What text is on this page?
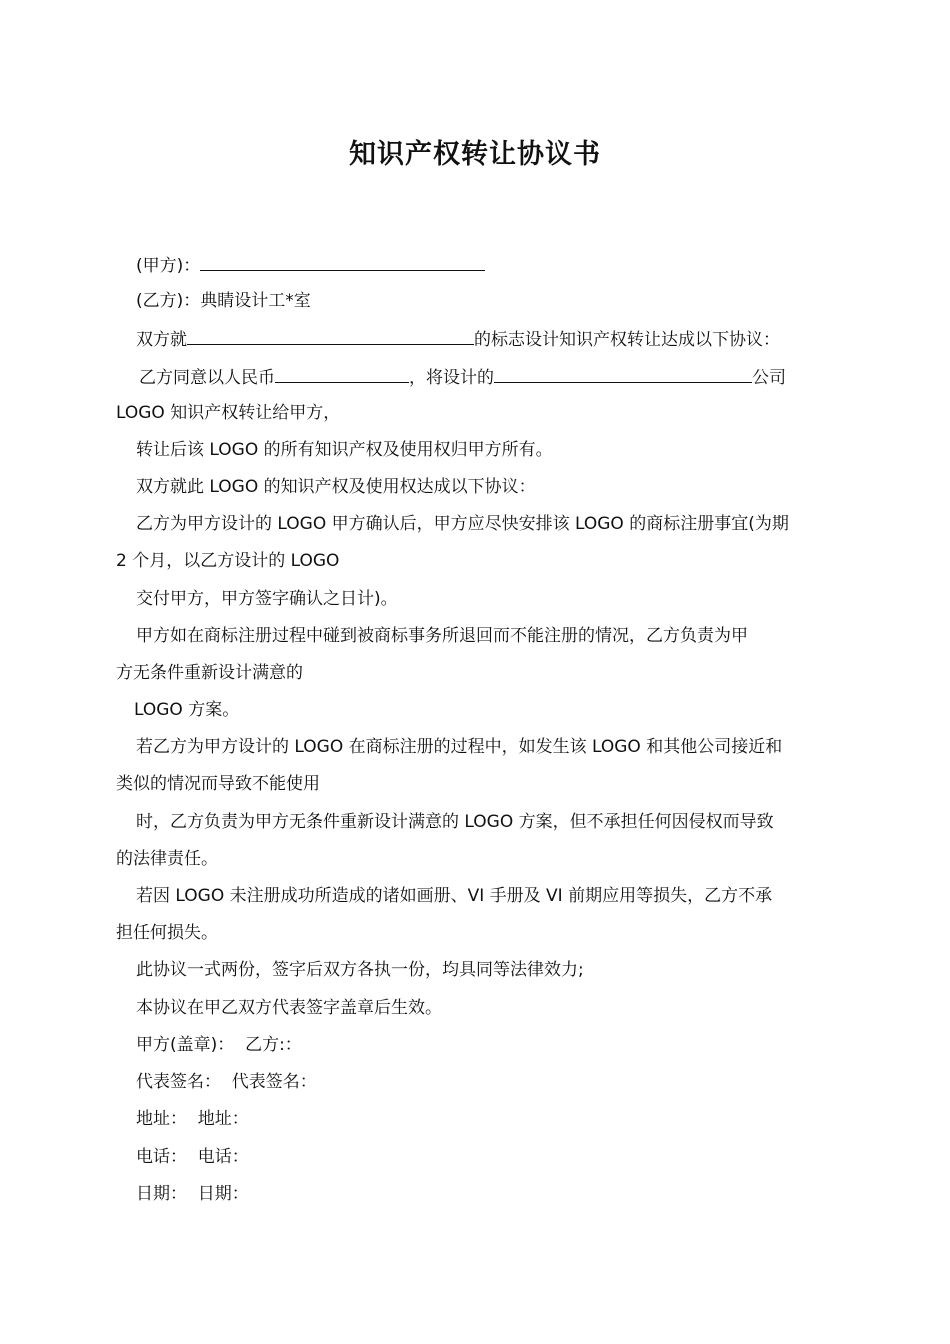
知识产权转让协议书
(甲方)：
(乙方)：典睛设计工*室
双方就	的标志设计知识产权转让达成以下协议：
乙方同意以人民币	，将设计的	公司
LOGO 知识产权转让给甲方，
转让后该 LOGO 的所有知识产权及使用权归甲方所有。
双方就此 LOGO 的知识产权及使用权达成以下协议：
乙方为甲方设计的 LOGO 甲方确认后，甲方应尽快安排该 LOGO 的商标注册事宜(为期
2 个月，以乙方设计的 LOGO
交付甲方，甲方签字确认之日计)。
甲方如在商标注册过程中碰到被商标事务所退回而不能注册的情况，乙方负责为甲
方无条件重新设计满意的
LOGO 方案。
若乙方为甲方设计的 LOGO 在商标注册的过程中，如发生该 LOGO 和其他公司接近和
类似的情况而导致不能使用
时，乙方负责为甲方无条件重新设计满意的 LOGO 方案，但不承担任何因侵权而导致
的法律责任。
若因 LOGO 未注册成功所造成的诸如画册、VI 手册及 VI 前期应用等损失，乙方不承
担任何损失。
此协议一式两份，签字后双方各执一份，均具同等法律效力;
本协议在甲乙双方代表签字盖章后生效。
甲方(盖章)：  乙方:：
代表签名：  代表签名：
地址：  地址：
电话：  电话：
日期：  日期：
